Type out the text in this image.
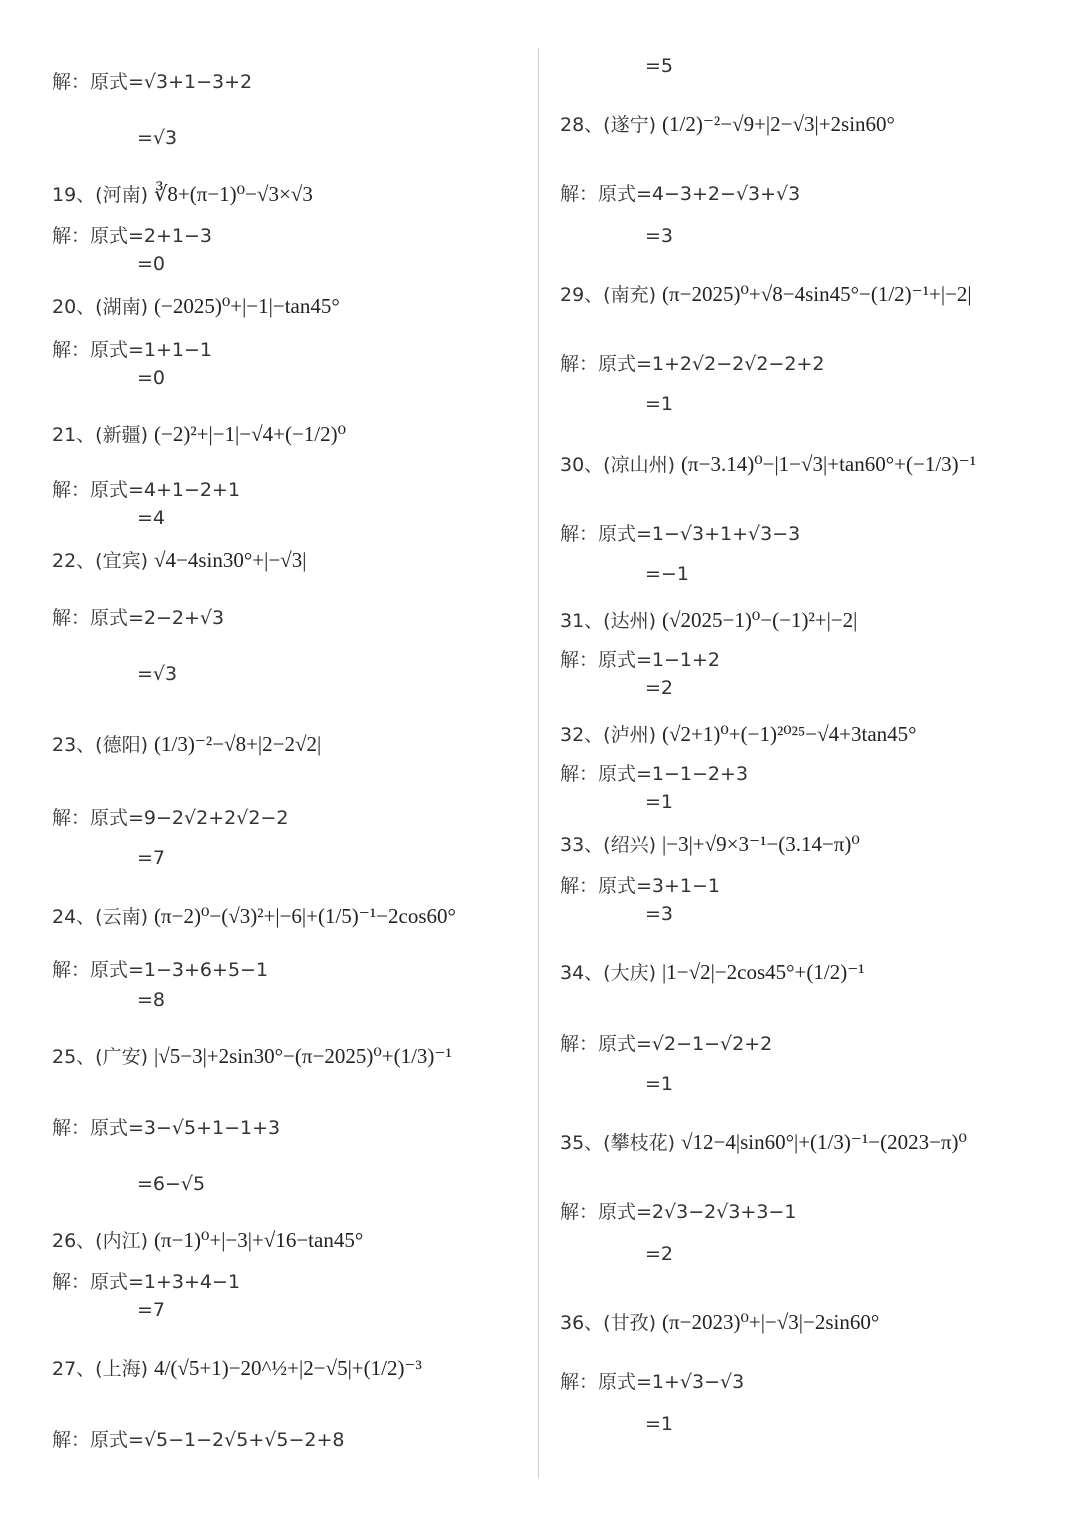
解：原式=√3+1−3+2
=√3
19、(河南) ∛8+(π−1)⁰−√3×√3
解：原式=2+1−3
=0
20、(湖南) (−2025)⁰+|−1|−tan45°
解：原式=1+1−1
=0
21、(新疆) (−2)²+|−1|−√4+(−1/2)⁰
解：原式=4+1−2+1
=4
22、(宜宾) √4−4sin30°+|−√3|
解：原式=2−2+√3
=√3
23、(德阳) (1/3)⁻²−√8+|2−2√2|
解：原式=9−2√2+2√2−2
=7
24、(云南) (π−2)⁰−(√3)²+|−6|+(1/5)⁻¹−2cos60°
解：原式=1−3+6+5−1
=8
25、(广安) |√5−3|+2sin30°−(π−2025)⁰+(1/3)⁻¹
解：原式=3−√5+1−1+3
=6−√5
26、(内江) (π−1)⁰+|−3|+√16−tan45°
解：原式=1+3+4−1
=7
27、(上海) 4/(√5+1)−20^½+|2−√5|+(1/2)⁻³
解：原式=√5−1−2√5+√5−2+8
=5
28、(遂宁) (1/2)⁻²−√9+|2−√3|+2sin60°
解：原式=4−3+2−√3+√3
=3
29、(南充) (π−2025)⁰+√8−4sin45°−(1/2)⁻¹+|−2|
解：原式=1+2√2−2√2−2+2
=1
30、(凉山州) (π−3.14)⁰−|1−√3|+tan60°+(−1/3)⁻¹
解：原式=1−√3+1+√3−3
=−1
31、(达州) (√2025−1)⁰−(−1)²+|−2|
解：原式=1−1+2
=2
32、(泸州) (√2+1)⁰+(−1)²⁰²⁵−√4+3tan45°
解：原式=1−1−2+3
=1
33、(绍兴) |−3|+√9×3⁻¹−(3.14−π)⁰
解：原式=3+1−1
=3
34、(大庆) |1−√2|−2cos45°+(1/2)⁻¹
解：原式=√2−1−√2+2
=1
35、(攀枝花) √12−4|sin60°|+(1/3)⁻¹−(2023−π)⁰
解：原式=2√3−2√3+3−1
=2
36、(甘孜) (π−2023)⁰+|−√3|−2sin60°
解：原式=1+√3−√3
=1
